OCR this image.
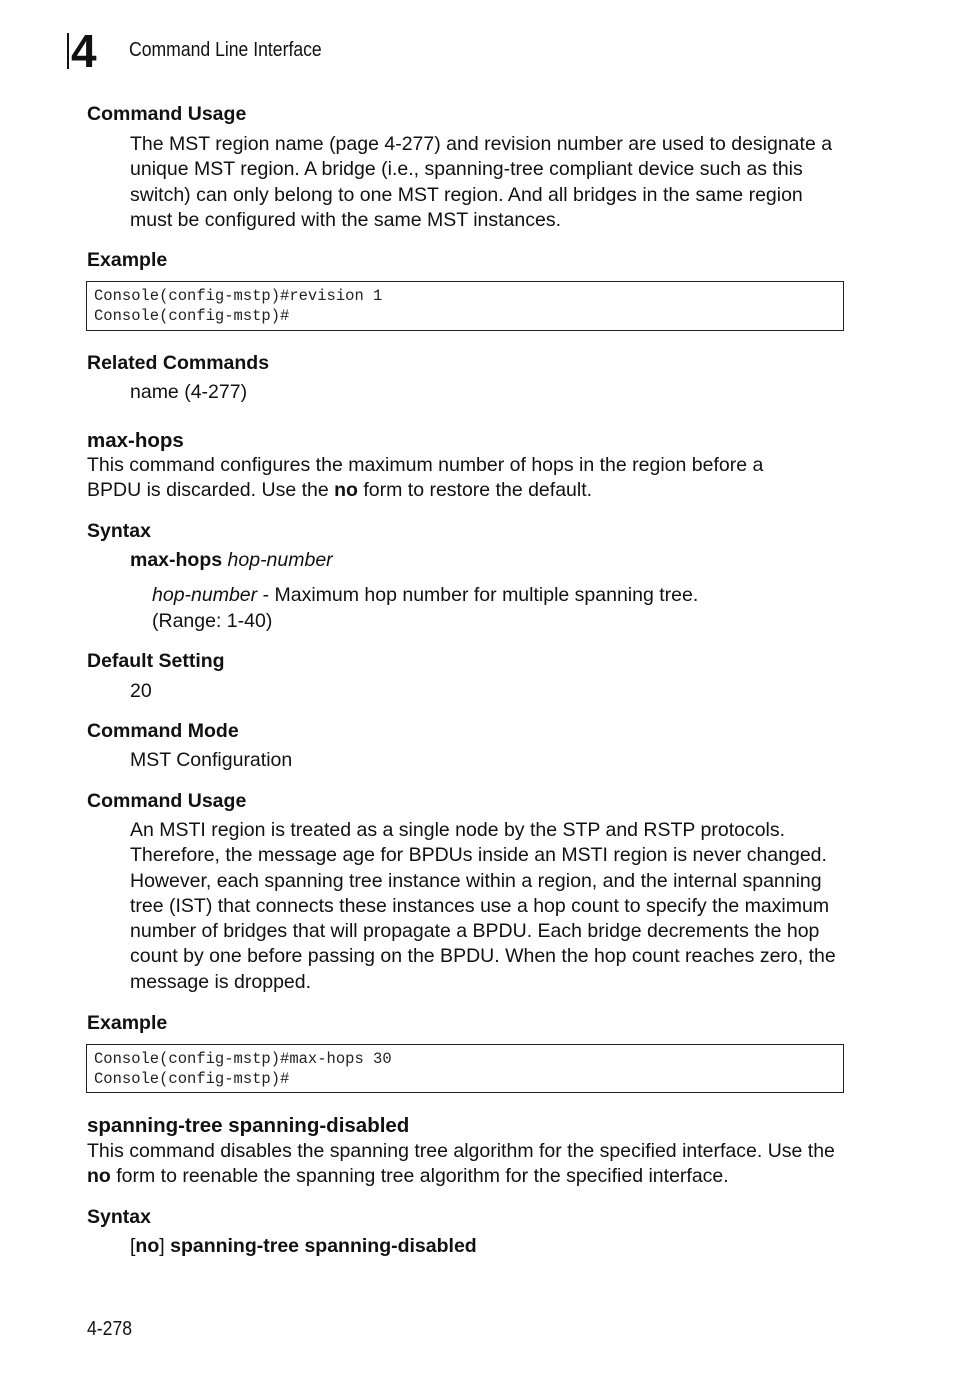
4	Command Line Interface
Command Usage
The MST region name (page 4-277) and revision number are used to designate a unique MST region. A bridge (i.e., spanning-tree compliant device such as this switch) can only belong to one MST region. And all bridges in the same region must be configured with the same MST instances.
Example
Console(config-mstp)#revision 1
Console(config-mstp)#
Related Commands
name (4-277)
max-hops
This command configures the maximum number of hops in the region before a BPDU is discarded. Use the no form to restore the default.
Syntax
max-hops hop-number
hop-number - Maximum hop number for multiple spanning tree.
(Range: 1-40)
Default Setting
20
Command Mode
MST Configuration
Command Usage
An MSTI region is treated as a single node by the STP and RSTP protocols. Therefore, the message age for BPDUs inside an MSTI region is never changed. However, each spanning tree instance within a region, and the internal spanning tree (IST) that connects these instances use a hop count to specify the maximum number of bridges that will propagate a BPDU. Each bridge decrements the hop count by one before passing on the BPDU. When the hop count reaches zero, the message is dropped.
Example
Console(config-mstp)#max-hops 30
Console(config-mstp)#
spanning-tree spanning-disabled
This command disables the spanning tree algorithm for the specified interface. Use the no form to reenable the spanning tree algorithm for the specified interface.
Syntax
[no] spanning-tree spanning-disabled
4-278
